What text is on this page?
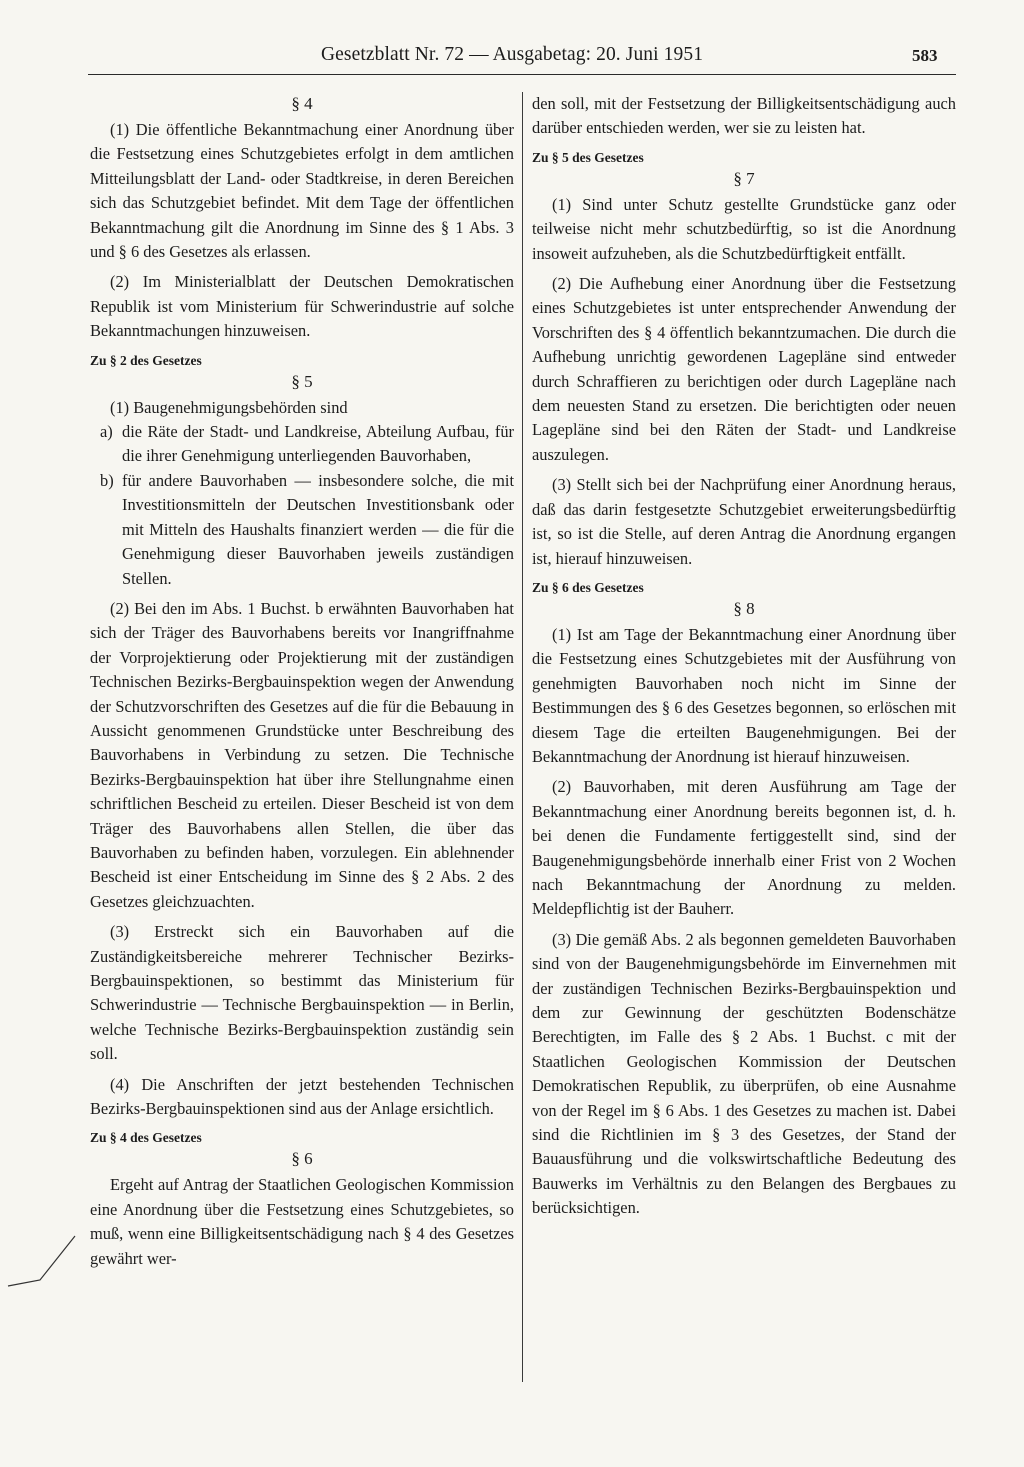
Gesetzblatt Nr. 72 — Ausgabetag: 20. Juni 1951	583
§ 4

(1) Die öffentliche Bekanntmachung einer Anordnung über die Festsetzung eines Schutzgebietes erfolgt in dem amtlichen Mitteilungsblatt der Land- oder Stadtkreise, in deren Bereichen sich das Schutzgebiet befindet. Mit dem Tage der öffentlichen Bekanntmachung gilt die Anordnung im Sinne des § 1 Abs. 3 und § 6 des Gesetzes als erlassen.

(2) Im Ministerialblatt der Deutschen Demokratischen Republik ist vom Ministerium für Schwerindustrie auf solche Bekanntmachungen hinzuweisen.

Zu § 2 des Gesetzes
§ 5

(1) Baugenehmigungsbehörden sind

a) die Räte der Stadt- und Landkreise, Abteilung Aufbau, für die ihrer Genehmigung unterliegenden Bauvorhaben,
b) für andere Bauvorhaben — insbesondere solche, die mit Investitionsmitteln der Deutschen Investitionsbank oder mit Mitteln des Haushalts finanziert werden — die für die Genehmigung dieser Bauvorhaben jeweils zuständigen Stellen.

(2) Bei den im Abs. 1 Buchst. b erwähnten Bauvorhaben hat sich der Träger des Bauvorhabens bereits vor Inangriffnahme der Vorprojektierung oder Projektierung mit der zuständigen Technischen Bezirks-Bergbauinspektion wegen der Anwendung der Schutzvorschriften des Gesetzes auf die für die Bebauung in Aussicht genommenen Grundstücke unter Beschreibung des Bauvorhabens in Verbindung zu setzen. Die Technische Bezirks-Bergbauinspektion hat über ihre Stellungnahme einen schriftlichen Bescheid zu erteilen. Dieser Bescheid ist von dem Träger des Bauvorhabens allen Stellen, die über das Bauvorhaben zu befinden haben, vorzulegen. Ein ablehnender Bescheid ist einer Entscheidung im Sinne des § 2 Abs. 2 des Gesetzes gleichzuachten.

(3) Erstreckt sich ein Bauvorhaben auf die Zuständigkeitsbereiche mehrerer Technischer Bezirks-Bergbauinspektionen, so bestimmt das Ministerium für Schwerindustrie — Technische Bergbauinspektion — in Berlin, welche Technische Bezirks-Bergbauinspektion zuständig sein soll.

(4) Die Anschriften der jetzt bestehenden Technischen Bezirks-Bergbauinspektionen sind aus der Anlage ersichtlich.

Zu § 4 des Gesetzes
§ 6

Ergeht auf Antrag der Staatlichen Geologischen Kommission eine Anordnung über die Festsetzung eines Schutzgebietes, so muß, wenn eine Billigkeitsentschädigung nach § 4 des Gesetzes gewährt wer-

den soll, mit der Festsetzung der Billigkeitsentschädigung auch darüber entschieden werden, wer sie zu leisten hat.

Zu § 5 des Gesetzes
§ 7

(1) Sind unter Schutz gestellte Grundstücke ganz oder teilweise nicht mehr schutzbedürftig, so ist die Anordnung insoweit aufzuheben, als die Schutzbedürftigkeit entfällt.

(2) Die Aufhebung einer Anordnung über die Festsetzung eines Schutzgebietes ist unter entsprechender Anwendung der Vorschriften des § 4 öffentlich bekanntzumachen. Die durch die Aufhebung unrichtig gewordenen Lagepläne sind entweder durch Schraffieren zu berichtigen oder durch Lagepläne nach dem neuesten Stand zu ersetzen. Die berichtigten oder neuen Lagepläne sind bei den Räten der Stadt- und Landkreise auszulegen.

(3) Stellt sich bei der Nachprüfung einer Anordnung heraus, daß das darin festgesetzte Schutzgebiet erweiterungsbedürftig ist, so ist die Stelle, auf deren Antrag die Anordnung ergangen ist, hierauf hinzuweisen.

Zu § 6 des Gesetzes
§ 8

(1) Ist am Tage der Bekanntmachung einer Anordnung über die Festsetzung eines Schutzgebietes mit der Ausführung von genehmigten Bauvorhaben noch nicht im Sinne der Bestimmungen des § 6 des Gesetzes begonnen, so erlöschen mit diesem Tage die erteilten Baugenehmigungen. Bei der Bekanntmachung der Anordnung ist hierauf hinzuweisen.

(2) Bauvorhaben, mit deren Ausführung am Tage der Bekanntmachung einer Anordnung bereits begonnen ist, d. h. bei denen die Fundamente fertiggestellt sind, sind der Baugenehmigungsbehörde innerhalb einer Frist von 2 Wochen nach Bekanntmachung der Anordnung zu melden. Meldepflichtig ist der Bauherr.

(3) Die gemäß Abs. 2 als begonnen gemeldeten Bauvorhaben sind von der Baugenehmigungsbehörde im Einvernehmen mit der zuständigen Technischen Bezirks-Bergbauinspektion und dem zur Gewinnung der geschützten Bodenschätze Berechtigten, im Falle des § 2 Abs. 1 Buchst. c mit der Staatlichen Geologischen Kommission der Deutschen Demokratischen Republik, zu überprüfen, ob eine Ausnahme von der Regel im § 6 Abs. 1 des Gesetzes zu machen ist. Dabei sind die Richtlinien im § 3 des Gesetzes, der Stand der Bauausführung und die volkswirtschaftliche Bedeutung des Bauwerks im Verhältnis zu den Belangen des Bergbaues zu berücksichtigen.
